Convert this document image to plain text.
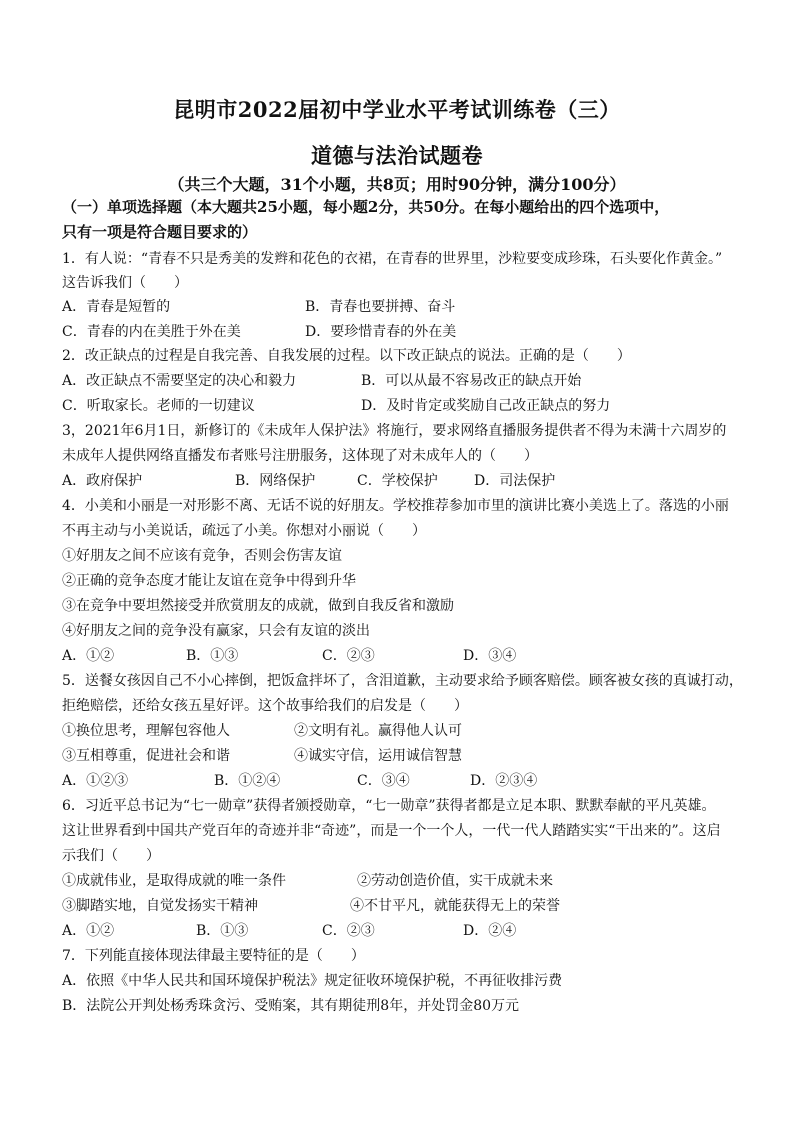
昆明市2022届初中学业水平考试训练卷（三）
道德与法治试题卷
（共三个大题，31个小题，共8页；用时90分钟，满分100分）
（一）单项选择题（本大题共25小题，每小题2分，共50分。在每小题给出的四个选项中，
只有一项是符合题目要求的）
1．有人说：“青春不只是秀美的发辫和花色的衣裙，在青春的世界里，沙粒要变成珍珠，石头要化作黄金。”
这告诉我们（　　）
A．青春是短暂的	B．青春也要拼搏、奋斗
C．青春的内在美胜于外在美	D．要珍惜青春的外在美
2．改正缺点的过程是自我完善、自我发展的过程。以下改正缺点的说法。正确的是（　　）
A．改正缺点不需要坚定的决心和毅力	B．可以从最不容易改正的缺点开始
C．听取家长。老师的一切建议	D．及时肯定或奖励自己改正缺点的努力
3，2021年6月1日，新修订的《未成年人保护法》将施行，要求网络直播服务提供者不得为未满十六周岁的
未成年人提供网络直播发布者账号注册服务，这体现了对未成年人的（　　）
A．政府保护	B．网络保护	C．学校保护	D．司法保护
4．小美和小丽是一对形影不离、无话不说的好朋友。学校推荐参加市里的演讲比赛小美选上了。落选的小丽
不再主动与小美说话，疏远了小美。你想对小丽说（　　）
①好朋友之间不应该有竞争，否则会伤害友谊
②正确的竞争态度才能让友谊在竞争中得到升华
③在竞争中要坦然接受并欣赏朋友的成就，做到自我反省和激励
④好朋友之间的竞争没有赢家，只会有友谊的淡出
A．①②	B．①③	C．②③	D．③④
5．送餐女孩因自己不小心摔倒，把饭盒拌坏了，含泪道歉，主动要求给予顾客赔偿。顾客被女孩的真诚打动，
拒绝赔偿，还给女孩五星好评。这个故事给我们的启发是（　　）
①换位思考，理解包容他人	②文明有礼。赢得他人认可
③互相尊重，促进社会和谐	④诚实守信，运用诚信智慧
A．①②③	B．①②④	C．③④	D．②③④
6．习近平总书记为“七一勋章”获得者颁授勋章，“七一勋章”获得者都是立足本职、默默奉献的平凡英雄。
这让世界看到中国共产党百年的奇迹并非“奇迹”，而是一个一个人，一代一代人踏踏实实“干出来的”。这启
示我们（　　）
①成就伟业，是取得成就的唯一条件	②劳动创造价值，实干成就未来
③脚踏实地，自觉发扬实干精神	④不甘平凡，就能获得无上的荣誉
A．①②	B．①③	C．②③	D．②④
7．下列能直接体现法律最主要特征的是（　　）
A．依照《中华人民共和国环境保护税法》规定征收环境保护税，不再征收排污费
B．法院公开判处杨秀珠贪污、受贿案，其有期徒刑8年，并处罚金80万元
